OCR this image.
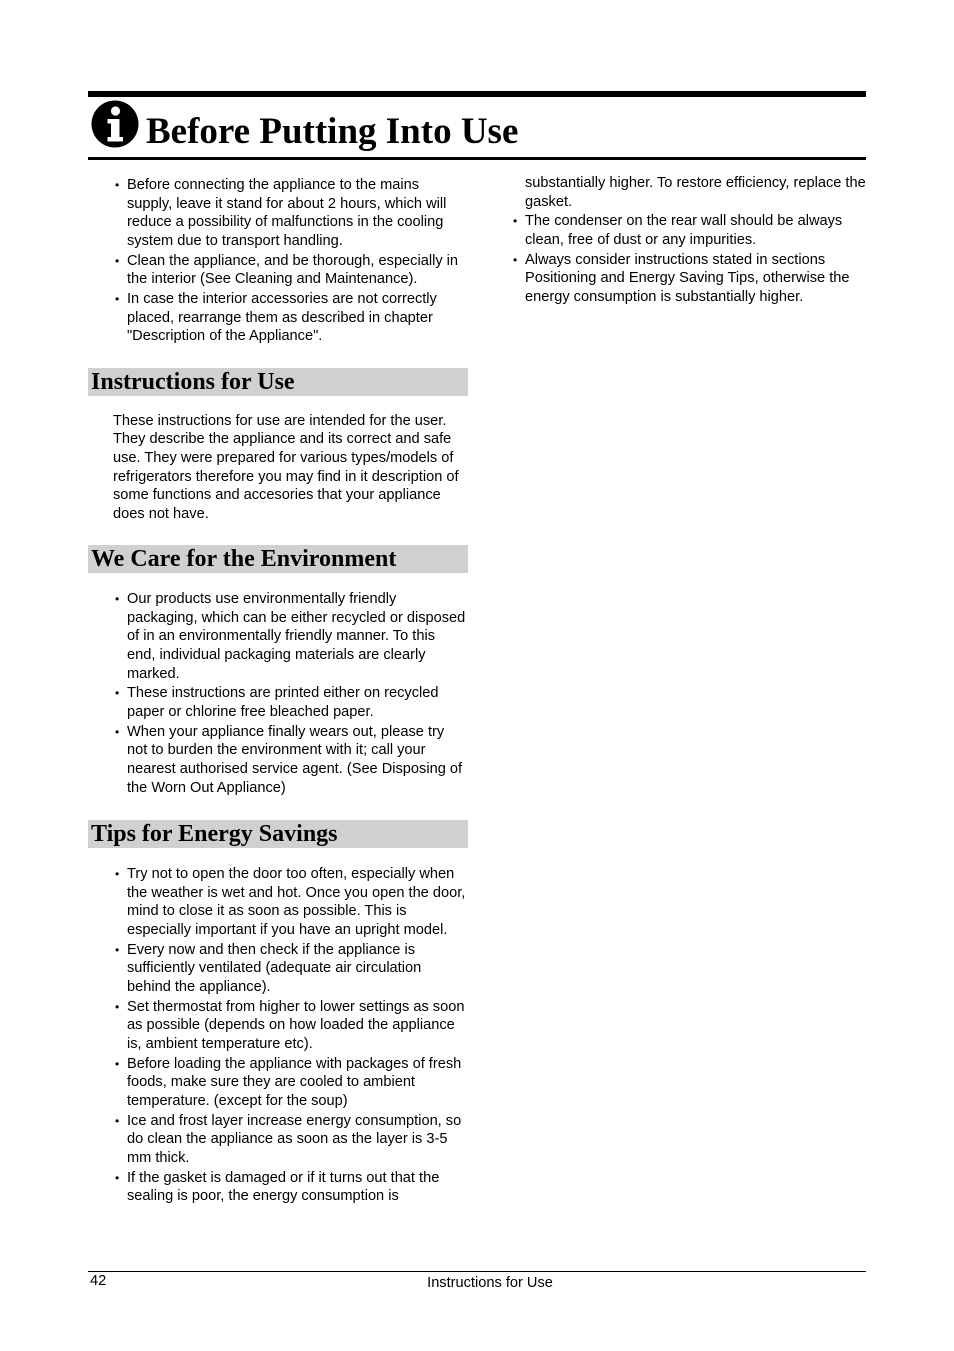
Before Putting Into Use
• Before connecting the appliance to the mains supply, leave it stand for about 2 hours, which will reduce a possibility of malfunctions in the cooling system due to transport handling.
• Clean the appliance, and be thorough, especially in the interior (See Cleaning and Maintenance).
• In case the interior accessories are not correctly placed, rearrange them as described in chapter "Description of the Appliance".
Instructions for Use

These instructions for use are intended for the user. They describe the appliance and its correct and safe use. They were prepared for various types/models of refrigerators therefore you may find in it description of some functions and accesories that your appliance does not have.

We Care for the Environment
• Our products use environmentally friendly packaging, which can be either recycled or disposed of in an environmentally friendly manner. To this end, individual packaging materials are clearly marked.
• These instructions are printed either on recycled paper or chlorine free bleached paper.
• When your appliance finally wears out, please try not to burden the environment with it; call your nearest authorised service agent. (See Disposing of the Worn Out Appliance)
Tips for Energy Savings
• Try not to open the door too often, especially when the weather is wet and hot. Once you open the door, mind to close it as soon as possible. This is especially important if you have an upright model.
• Every now and then check if the appliance is sufficiently ventilated (adequate air circulation behind the appliance).
• Set thermostat from higher to lower settings as soon as possible (depends on how loaded the appliance is, ambient temperature etc).
• Before loading the appliance with packages of fresh foods, make sure they are cooled to ambient temperature. (except for the soup)
• Ice and frost layer increase energy consumption, so do clean the appliance as soon as the layer is 3-5 mm thick.
• If the gasket is damaged or if it turns out that the sealing is poor, the energy consumption is

substantially higher. To restore efficiency, replace the gasket.

• The condenser on the rear wall should be always clean, free of dust or any impurities.
• Always consider instructions stated in sections Positioning and Energy Saving Tips, otherwise the energy consumption is substantially higher.
42	Instructions for Use
